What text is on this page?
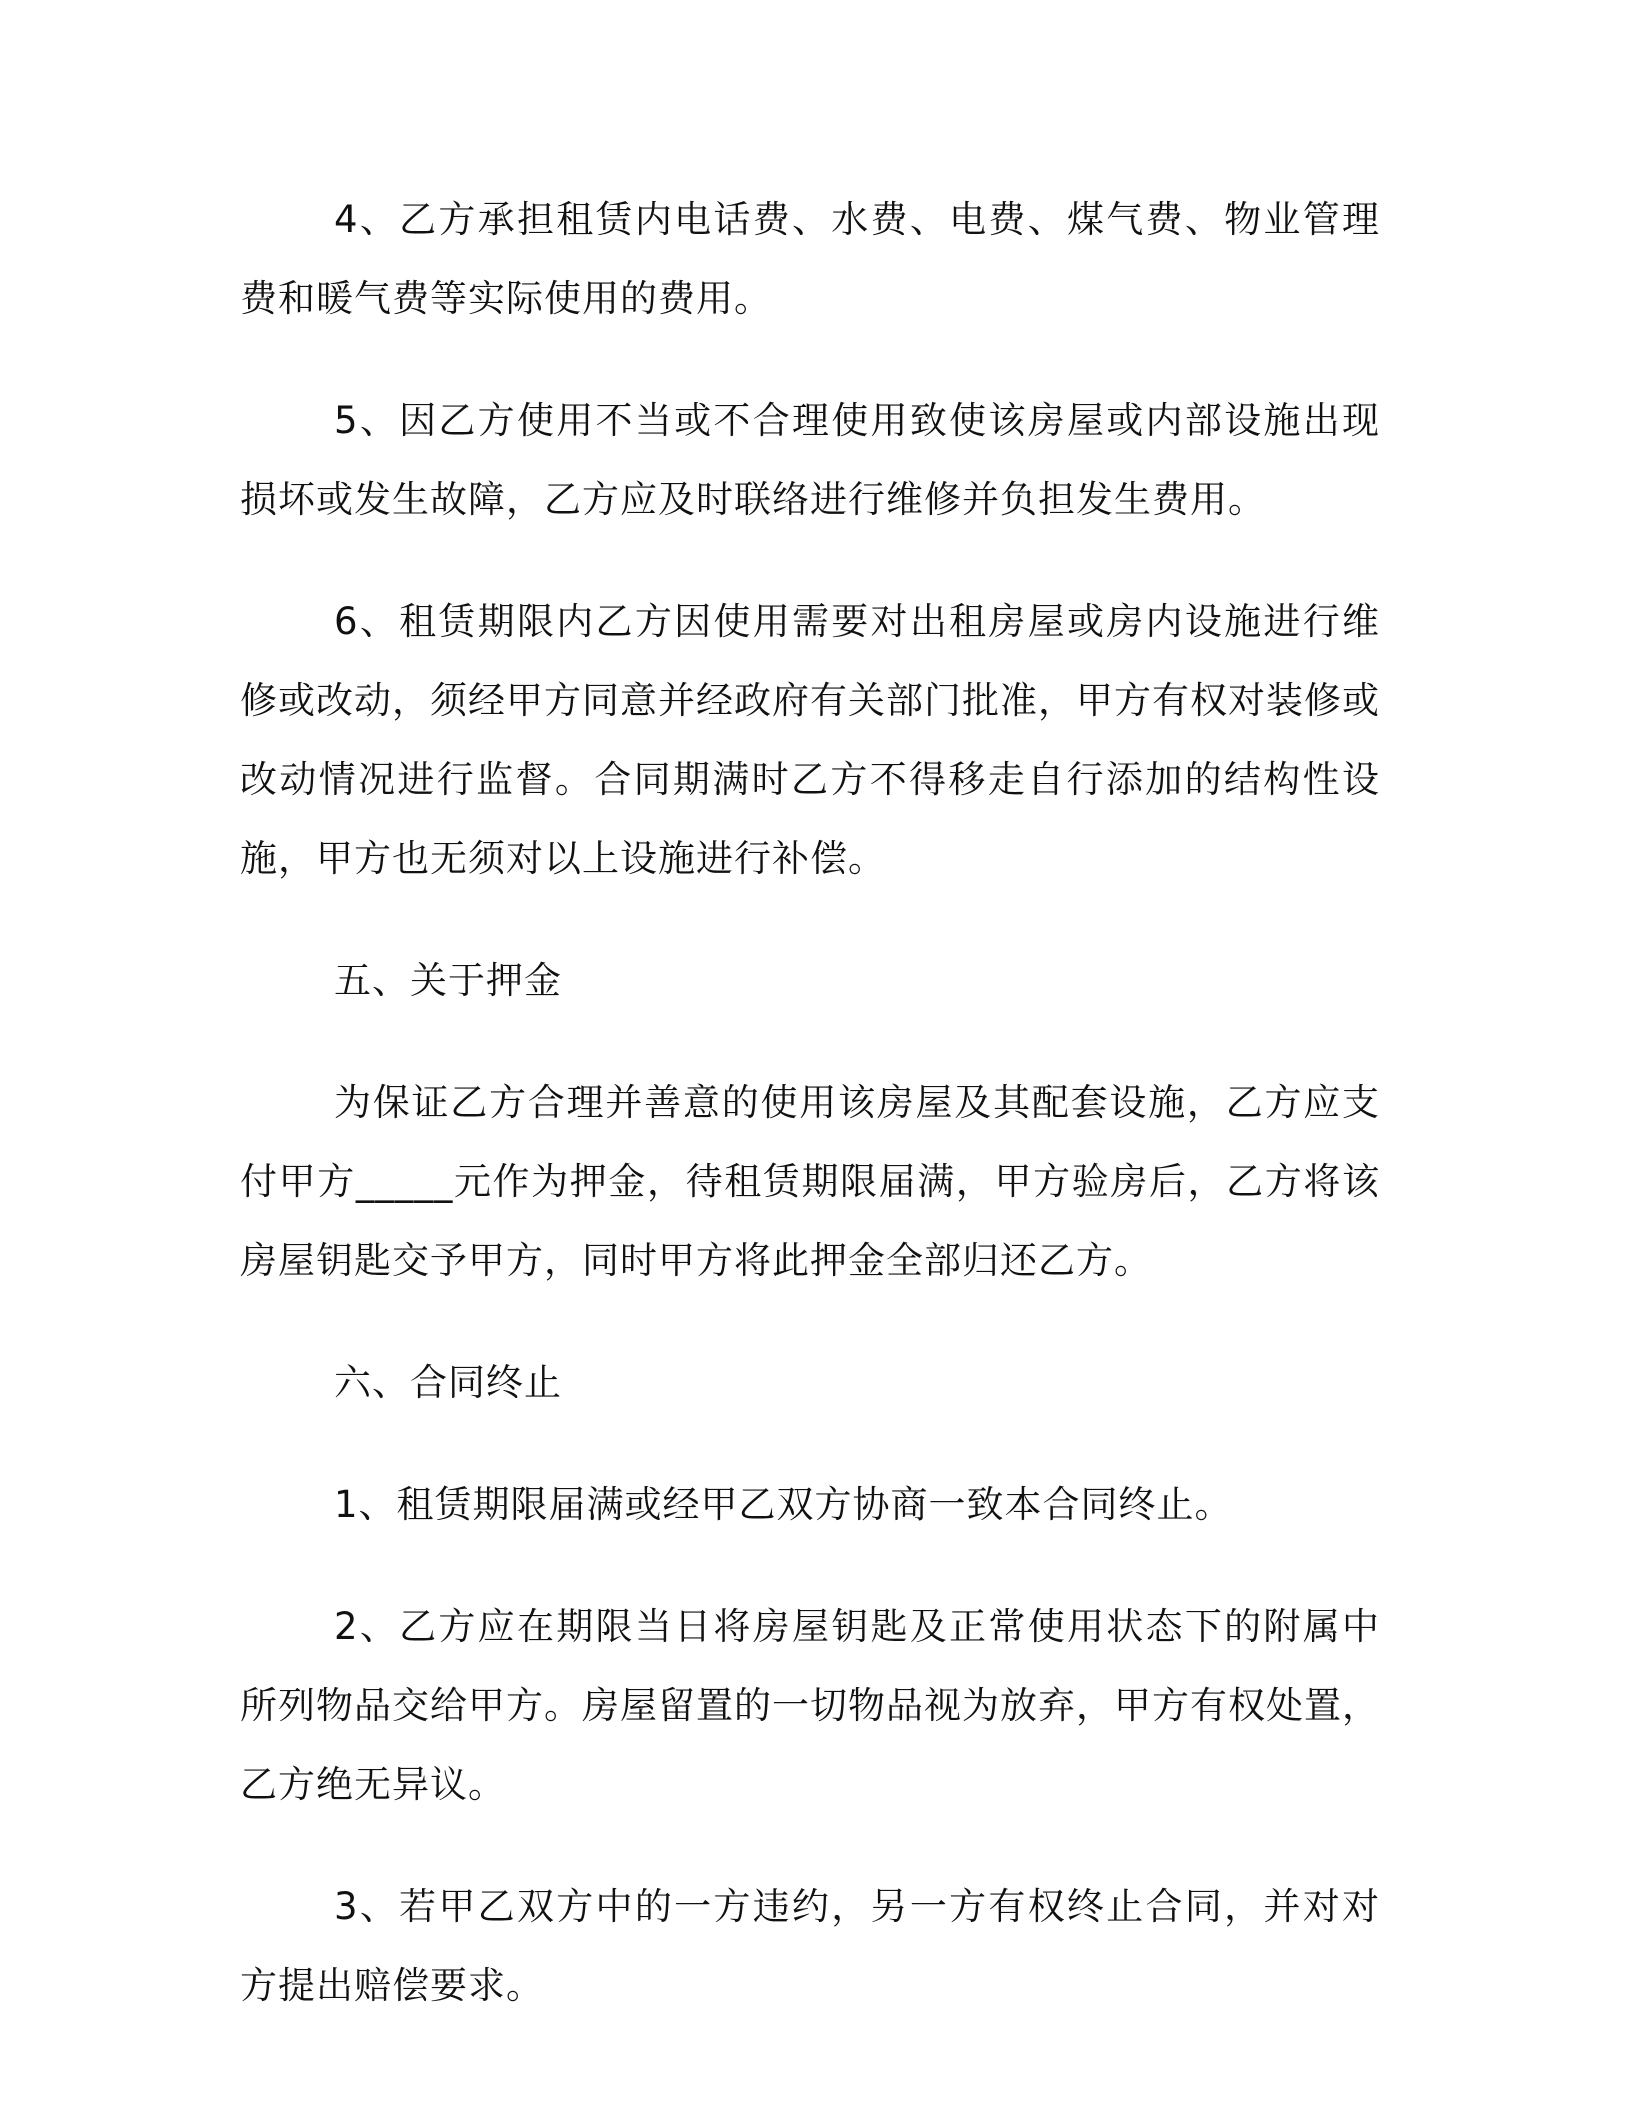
4、乙方承担租赁内电话费、水费、电费、煤气费、物业管理费和暖气费等实际使用的费用。

5、因乙方使用不当或不合理使用致使该房屋或内部设施出现损坏或发生故障，乙方应及时联络进行维修并负担发生费用。

6、租赁期限内乙方因使用需要对出租房屋或房内设施进行维修或改动，须经甲方同意并经政府有关部门批准，甲方有权对装修或改动情况进行监督。合同期满时乙方不得移走自行添加的结构性设施，甲方也无须对以上设施进行补偿。

五、关于押金

为保证乙方合理并善意的使用该房屋及其配套设施，乙方应支付甲方_____元作为押金，待租赁期限届满，甲方验房后，乙方将该房屋钥匙交予甲方，同时甲方将此押金全部归还乙方。

六、合同终止

1、租赁期限届满或经甲乙双方协商一致本合同终止。

2、乙方应在期限当日将房屋钥匙及正常使用状态下的附属中所列物品交给甲方。房屋留置的一切物品视为放弃，甲方有权处置，乙方绝无异议。

3、若甲乙双方中的一方违约，另一方有权终止合同，并对对方提出赔偿要求。
